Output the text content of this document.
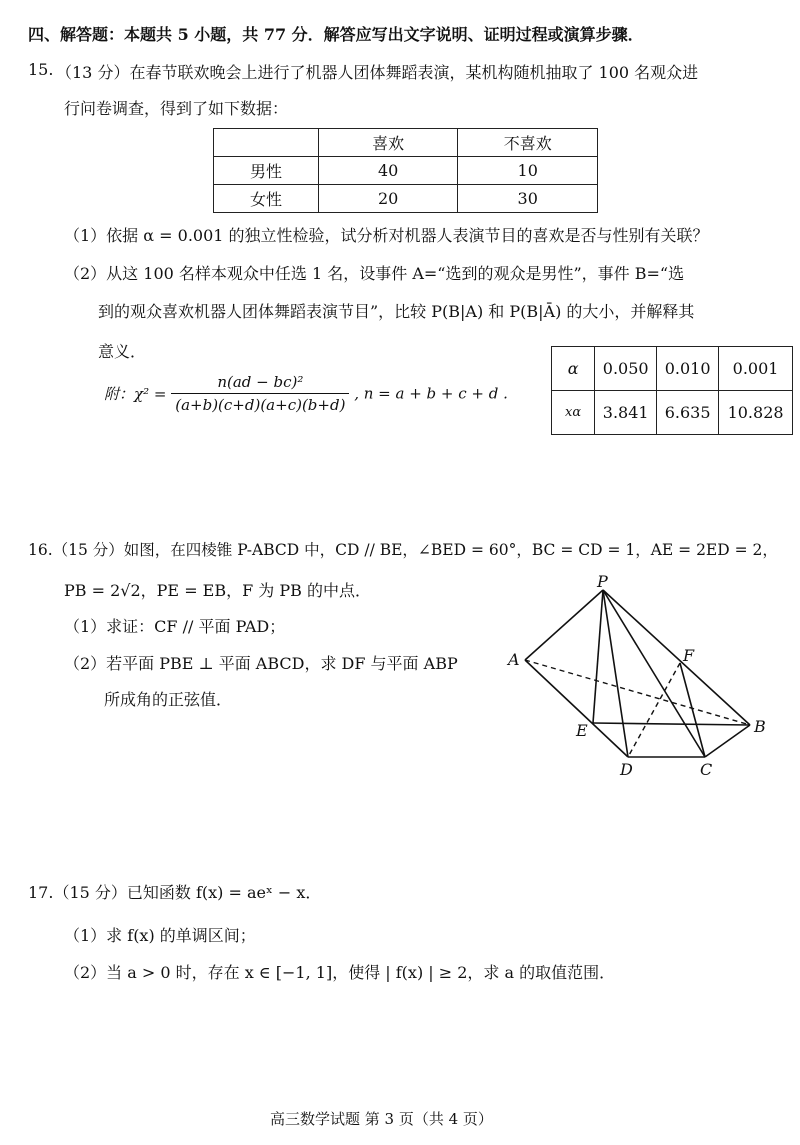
四、解答题：本题共 5 小题，共 77 分．解答应写出文字说明、证明过程或演算步骤．
15. （13 分）在春节联欢晚会上进行了机器人团体舞蹈表演，某机构随机抽取了 100 名观众进
行问卷调查，得到了如下数据：
	喜欢	不喜欢
男性	40	10
女性	20	30
（1）依据 α = 0.001 的独立性检验，试分析对机器人表演节目的喜欢是否与性别有关联？
（2）从这 100 名样本观众中任选 1 名，设事件 A=“选到的观众是男性”，事件 B=“选
到的观众喜欢机器人团体舞蹈表演节目”，比较 P(B|A) 和 P(B|Ā) 的大小，并解释其
意义．
附：$\chi^2 = \frac{\text{n(ad − bc)²}}{(a+b)(c+d)(a+c)(b+d)}$ , n = a + b + c + d .
α	0.050	0.010	0.001
xα	3.841	6.635	10.828
16.（15 分）如图，在四棱锥 P-ABCD 中，CD // BE，∠BED = 60°，BC = CD = 1，AE = 2ED = 2，
PB = 2√2，PE = EB，F 为 PB 的中点．
（1）求证：CF // 平面 PAD；
（2）若平面 PBE ⊥ 平面 ABCD，求 DF 与平面 ABP
所成角的正弦值．
P
A	F
E	B
D	C
17.（15 分）已知函数 f(x) = aeˣ − x．
（1）求 f(x) 的单调区间；
（2）当 a > 0 时，存在 x ∈ [−1, 1]，使得 | f(x) | ≥ 2，求 a 的取值范围．
高三数学试题 第 3 页（共 4 页）
